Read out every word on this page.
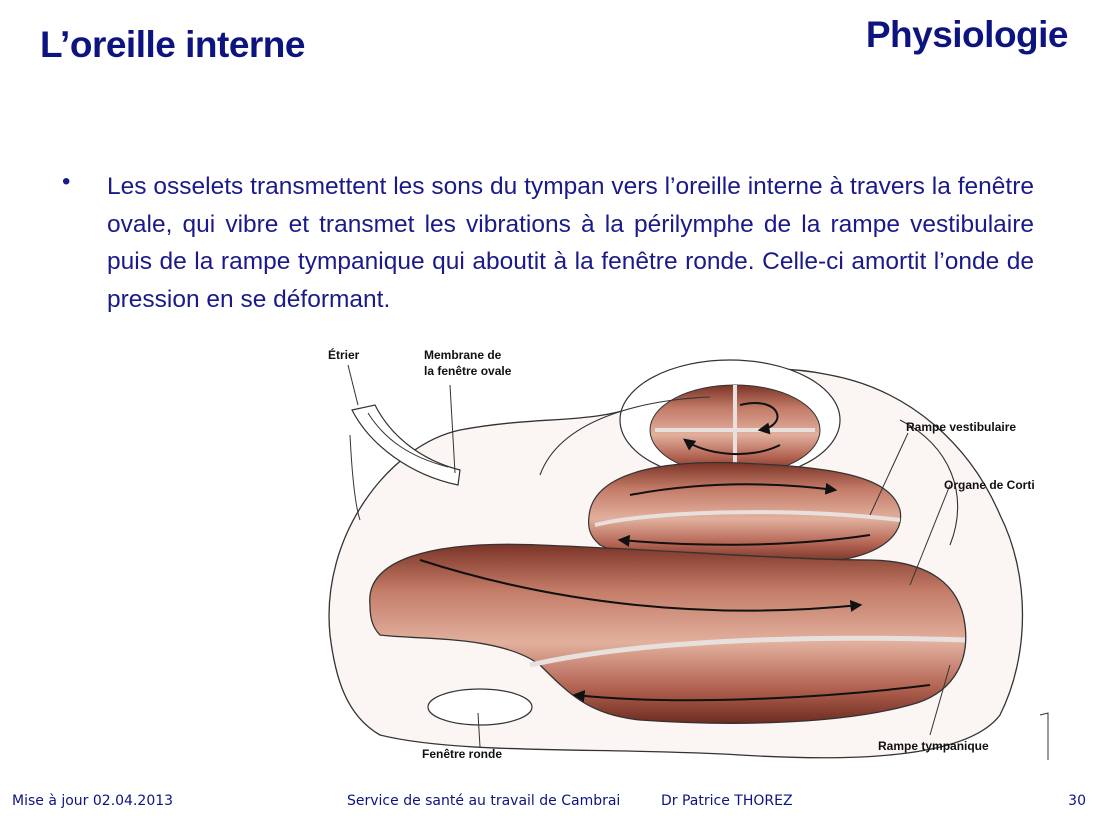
L’oreille interne	Physiologie
• Les osselets transmettent les sons du tympan vers l’oreille interne à travers la fenêtre ovale, qui vibre et transmet les vibrations à la périlymphe de la rampe vestibulaire puis de la rampe tympanique qui aboutit à la fenêtre ronde. Celle-ci amortit l’onde de pression en se déformant.
Étrier	Membrane de
la fenêtre ovale
Rampe vestibulaire
Organe de Corti
Fenêtre ronde
Rampe tympanique
Mise à jour 02.04.2013	Service de santé au travail de Cambrai	Dr Patrice THOREZ	30
